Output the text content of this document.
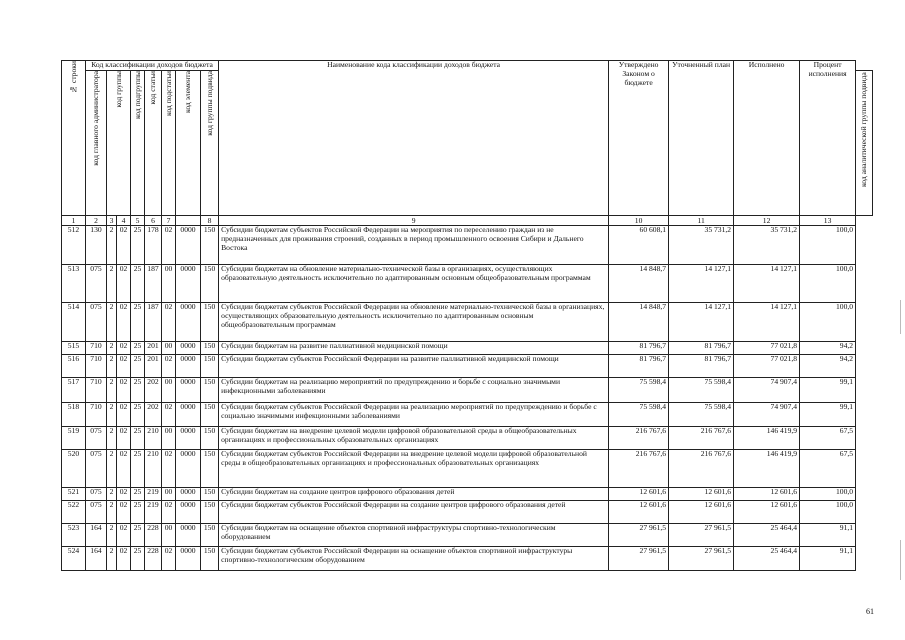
№ строки	Код классификации доходов бюджета								Наименование кода классификации доходов бюджета	Утверждено Законом о бюджете	Уточненный план	Исполнено	Процент исполнения	

	код главного администратора	код группы		код подгруппы	код статьи	код подстатьи	код элемента	код группы подвида						код аналитической группы подвида

1	2	3	4	5	6	7		8	9	10	11	12	13	
512	130	2	02	25	178	02	0000	150	Субсидии бюджетам субъектов Российской Федерации на мероприятия по переселению граждан из не предназначенных для проживания строений, созданных в период промышленного освоения Сибири и Дальнего Востока	60 608,1	35 731,2	35 731,2	100,0	
513	075	2	02	25	187	00	0000	150	Субсидии бюджетам на обновление материально-технической базы в организациях, осуществляющих образовательную деятельность исключительно по адаптированным основным общеобразовательным программам	14 848,7	14 127,1	14 127,1	100,0	
514	075	2	02	25	187	02	0000	150	Субсидии бюджетам субъектов Российской Федерации на обновление материально-технической базы в организациях, осуществляющих образовательную деятельность исключительно по адаптированным основным общеобразовательным программам	14 848,7	14 127,1	14 127,1	100,0	
515	710	2	02	25	201	00	0000	150	Субсидии бюджетам на развитие паллиативной медицинской помощи	81 796,7	81 796,7	77 021,8	94,2	
516	710	2	02	25	201	02	0000	150	Субсидии бюджетам субъектов Российской Федерации на развитие паллиативной медицинской помощи	81 796,7	81 796,7	77 021,8	94,2	
517	710	2	02	25	202	00	0000	150	Субсидии бюджетам на реализацию мероприятий по предупреждению и борьбе с социально значимыми инфекционными заболеваниями	75 598,4	75 598,4	74 907,4	99,1	
518	710	2	02	25	202	02	0000	150	Субсидии бюджетам субъектов Российской Федерации на реализацию мероприятий по предупреждению и борьбе с социально значимыми инфекционными заболеваниями	75 598,4	75 598,4	74 907,4	99,1	
519	075	2	02	25	210	00	0000	150	Субсидии бюджетам на внедрение целевой модели цифровой образовательной среды в общеобразовательных организациях и профессиональных образовательных организациях	216 767,6	216 767,6	146 419,9	67,5	
520	075	2	02	25	210	02	0000	150	Субсидии бюджетам субъектов Российской Федерации на внедрение целевой модели цифровой образовательной среды в общеобразовательных организациях и профессиональных образовательных организациях	216 767,6	216 767,6	146 419,9	67,5	
521	075	2	02	25	219	00	0000	150	Субсидии бюджетам на создание центров цифрового образования детей	12 601,6	12 601,6	12 601,6	100,0	
522	075	2	02	25	219	02	0000	150	Субсидии бюджетам субъектов Российской Федерации на создание центров цифрового образования детей	12 601,6	12 601,6	12 601,6	100,0	
523	164	2	02	25	228	00	0000	150	Субсидии бюджетам на оснащение объектов спортивной инфраструктуры спортивно-технологическим оборудованием	27 961,5	27 961,5	25 464,4	91,1	
524	164	2	02	25	228	02	0000	150	Субсидии бюджетам субъектов Российской Федерации на оснащение объектов спортивной инфраструктуры спортивно-технологическим оборудованием	27 961,5	27 961,5	25 464,4	91,1	
61
